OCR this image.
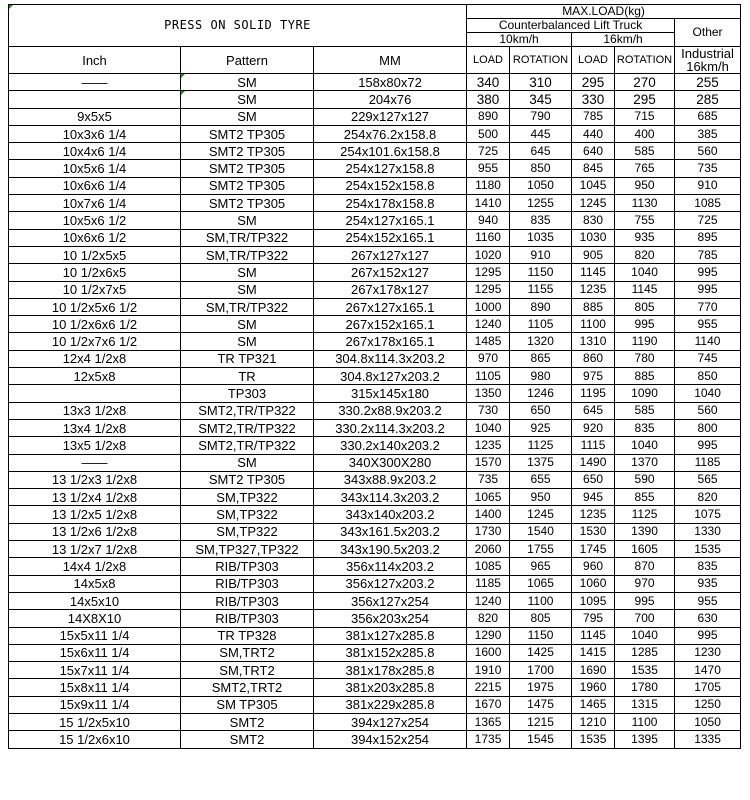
PRESS ON SOLID TYRE			MAX.LOAD(kg)				
			Counterbalanced Lift Truck				Other
			10km/h		16km/h		
Inch	Pattern	MM	LOAD	ROTATION	LOAD	ROTATION	Industrial
16km/h

——	SM	158x80x72	340	310	295	270	255
	SM	204x76	380	345	330	295	285
9x5x5	SM	229x127x127	890	790	785	715	685
10x3x6 1/4	SMT2 TP305	254x76.2x158.8	500	445	440	400	385
10x4x6 1/4	SMT2 TP305	254x101.6x158.8	725	645	640	585	560
10x5x6 1/4	SMT2 TP305	254x127x158.8	955	850	845	765	735
10x6x6 1/4	SMT2 TP305	254x152x158.8	1180	1050	1045	950	910
10x7x6 1/4	SMT2 TP305	254x178x158.8	1410	1255	1245	1130	1085
10x5x6 1/2	SM	254x127x165.1	940	835	830	755	725
10x6x6 1/2	SM,TR/TP322	254x152x165.1	1160	1035	1030	935	895
10 1/2x5x5	SM,TR/TP322	267x127x127	1020	910	905	820	785
10 1/2x6x5	SM	267x152x127	1295	1150	1145	1040	995
10 1/2x7x5	SM	267x178x127	1295	1155	1235	1145	995
10 1/2x5x6 1/2	SM,TR/TP322	267x127x165.1	1000	890	885	805	770
10 1/2x6x6 1/2	SM	267x152x165.1	1240	1105	1100	995	955
10 1/2x7x6 1/2	SM	267x178x165.1	1485	1320	1310	1190	1140
12x4 1/2x8	TR TP321	304.8x114.3x203.2	970	865	860	780	745
12x5x8	TR	304.8x127x203.2	1105	980	975	885	850
	TP303	315x145x180	1350	1246	1195	1090	1040
13x3 1/2x8	SMT2,TR/TP322	330.2x88.9x203.2	730	650	645	585	560
13x4 1/2x8	SMT2,TR/TP322	330.2x114.3x203.2	1040	925	920	835	800
13x5 1/2x8	SMT2,TR/TP322	330.2x140x203.2	1235	1125	1115	1040	995
——	SM	340X300X280	1570	1375	1490	1370	1185
13 1/2x3 1/2x8	SMT2 TP305	343x88.9x203.2	735	655	650	590	565
13 1/2x4 1/2x8	SM,TP322	343x114.3x203.2	1065	950	945	855	820
13 1/2x5 1/2x8	SM,TP322	343x140x203.2	1400	1245	1235	1125	1075
13 1/2x6 1/2x8	SM,TP322	343x161.5x203.2	1730	1540	1530	1390	1330
13 1/2x7 1/2x8	SM,TP327,TP322	343x190.5x203.2	2060	1755	1745	1605	1535
14x4 1/2x8	RIB/TP303	356x114x203.2	1085	965	960	870	835
14x5x8	RIB/TP303	356x127x203.2	1185	1065	1060	970	935
14x5x10	RIB/TP303	356x127x254	1240	1100	1095	995	955
14X8X10	RIB/TP303	356x203x254	820	805	795	700	630
15x5x11 1/4	TR TP328	381x127x285.8	1290	1150	1145	1040	995
15x6x11 1/4	SM,TRT2	381x152x285.8	1600	1425	1415	1285	1230
15x7x11 1/4	SM,TRT2	381x178x285.8	1910	1700	1690	1535	1470
15x8x11 1/4	SMT2,TRT2	381x203x285.8	2215	1975	1960	1780	1705
15x9x11 1/4	SM TP305	381x229x285.8	1670	1475	1465	1315	1250
15 1/2x5x10	SMT2	394x127x254	1365	1215	1210	1100	1050
15 1/2x6x10	SMT2	394x152x254	1735	1545	1535	1395	1335
